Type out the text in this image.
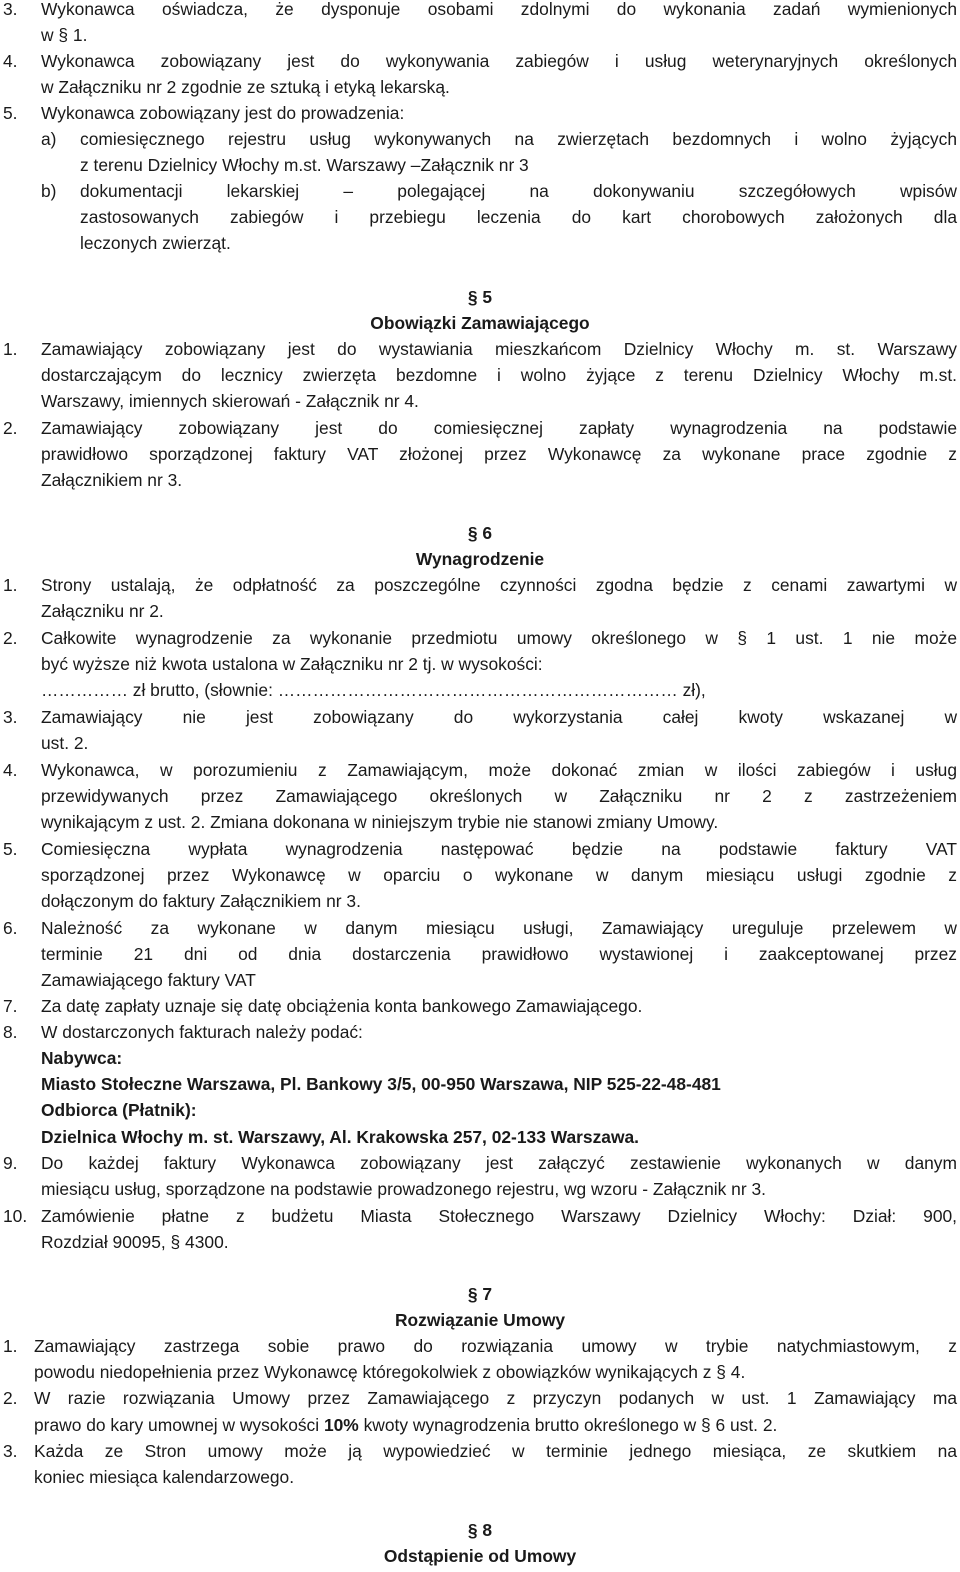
3. Wykonawca oświadcza, że dysponuje osobami zdolnymi do wykonania zadań wymienionych
w § 1.
4. Wykonawca zobowiązany jest do wykonywania zabiegów i usług weterynaryjnych określonych
w Załączniku nr 2 zgodnie ze sztuką i etyką lekarską.
5. Wykonawca zobowiązany jest do prowadzenia:
a) comiesięcznego rejestru usług wykonywanych na zwierzętach bezdomnych i wolno żyjących
z terenu Dzielnicy Włochy m.st. Warszawy –Załącznik nr 3
b) dokumentacji lekarskiej – polegającej na dokonywaniu szczegółowych wpisów
zastosowanych zabiegów i przebiegu leczenia do kart chorobowych założonych dla
leczonych zwierząt.
§ 5
Obowiązki Zamawiającego
1. Zamawiający zobowiązany jest do wystawiania mieszkańcom Dzielnicy Włochy m. st. Warszawy
dostarczającym do lecznicy zwierzęta bezdomne i wolno żyjące z terenu Dzielnicy Włochy m.st.
Warszawy, imiennych skierowań - Załącznik nr 4.
2. Zamawiający zobowiązany jest do comiesięcznej zapłaty wynagrodzenia na podstawie
prawidłowo sporządzonej faktury VAT złożonej przez Wykonawcę za wykonane prace zgodnie z
Załącznikiem nr 3.
§ 6
Wynagrodzenie
1. Strony ustalają, że odpłatność za poszczególne czynności zgodna będzie z cenami zawartymi w
Załączniku nr 2.
2. Całkowite wynagrodzenie za wykonanie przedmiotu umowy określonego w § 1 ust. 1 nie może
być wyższe niż kwota ustalona w Załączniku nr 2 tj. w wysokości:
…………… zł brutto, (słownie: …………………………………………………………… zł),
3. Zamawiający nie jest zobowiązany do wykorzystania całej kwoty wskazanej w
ust. 2.
4. Wykonawca, w porozumieniu z Zamawiającym, może dokonać zmian w ilości zabiegów i usług
przewidywanych przez Zamawiającego określonych w Załączniku nr 2 z zastrzeżeniem
wynikającym z ust. 2. Zmiana dokonana w niniejszym trybie nie stanowi zmiany Umowy.
5. Comiesięczna wypłata wynagrodzenia następować będzie na podstawie faktury VAT
sporządzonej przez Wykonawcę w oparciu o wykonane w danym miesiącu usługi zgodnie z
dołączonym do faktury Załącznikiem nr 3.
6. Należność za wykonane w danym miesiącu usługi, Zamawiający ureguluje przelewem w
terminie 21 dni od dnia dostarczenia prawidłowo wystawionej i zaakceptowanej przez
Zamawiającego faktury VAT
7. Za datę zapłaty uznaje się datę obciążenia konta bankowego Zamawiającego.
8. W dostarczonych fakturach należy podać:
Nabywca:
Miasto Stołeczne Warszawa, Pl. Bankowy 3/5, 00-950 Warszawa, NIP 525-22-48-481
Odbiorca (Płatnik):
Dzielnica Włochy m. st. Warszawy, Al. Krakowska 257, 02-133 Warszawa.
9. Do każdej faktury Wykonawca zobowiązany jest załączyć zestawienie wykonanych w danym
miesiącu usług, sporządzone na podstawie prowadzonego rejestru, wg wzoru - Załącznik nr 3.
10. Zamówienie płatne z budżetu Miasta Stołecznego Warszawy Dzielnicy Włochy: Dział: 900,
Rozdział 90095, § 4300.
§ 7
Rozwiązanie Umowy
1. Zamawiający zastrzega sobie prawo do rozwiązania umowy w trybie natychmiastowym, z
powodu niedopełnienia przez Wykonawcę któregokolwiek z obowiązków wynikających z § 4.
2. W razie rozwiązania Umowy przez Zamawiającego z przyczyn podanych w ust. 1 Zamawiający ma
prawo do kary umownej w wysokości 10% kwoty wynagrodzenia brutto określonego w § 6 ust. 2.
3. Każda ze Stron umowy może ją wypowiedzieć w terminie jednego miesiąca, ze skutkiem na
koniec miesiąca kalendarzowego.
§ 8
Odstąpienie od Umowy
